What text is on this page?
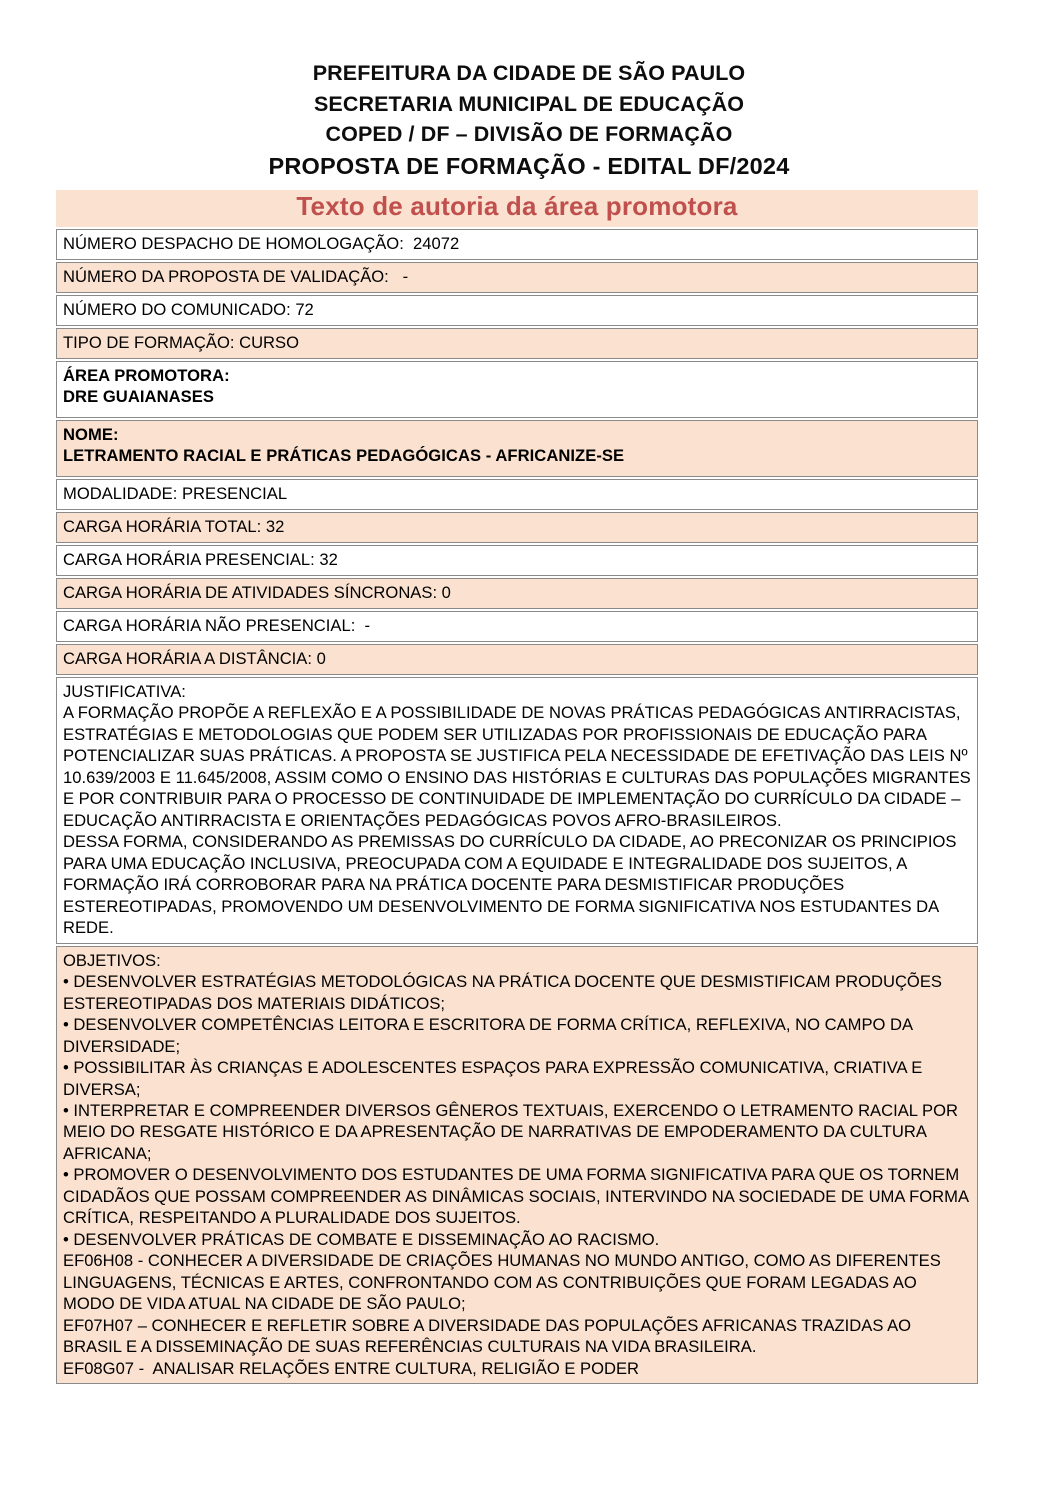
PREFEITURA DA CIDADE DE SÃO PAULO
SECRETARIA MUNICIPAL DE EDUCAÇÃO
COPED / DF – DIVISÃO DE FORMAÇÃO
PROPOSTA DE FORMAÇÃO - EDITAL DF/2024
Texto de autoria da área promotora

NÚMERO DESPACHO DE HOMOLOGAÇÃO:  24072

NÚMERO DA PROPOSTA DE VALIDAÇÃO:   -

NÚMERO DO COMUNICADO: 72

TIPO DE FORMAÇÃO: CURSO

ÁREA PROMOTORA:
DRE GUAIANASES

NOME:
LETRAMENTO RACIAL E PRÁTICAS PEDAGÓGICAS - AFRICANIZE-SE

MODALIDADE: PRESENCIAL

CARGA HORÁRIA TOTAL: 32

CARGA HORÁRIA PRESENCIAL: 32

CARGA HORÁRIA DE ATIVIDADES SÍNCRONAS: 0

CARGA HORÁRIA NÃO PRESENCIAL:  -

CARGA HORÁRIA A DISTÂNCIA: 0

JUSTIFICATIVA:
A FORMAÇÃO PROPÕE A REFLEXÃO E A POSSIBILIDADE DE NOVAS PRÁTICAS PEDAGÓGICAS ANTIRRACISTAS, ESTRATÉGIAS E METODOLOGIAS QUE PODEM SER UTILIZADAS POR PROFISSIONAIS DE EDUCAÇÃO PARA POTENCIALIZAR SUAS PRÁTICAS. A PROPOSTA SE JUSTIFICA PELA NECESSIDADE DE EFETIVAÇÃO DAS LEIS Nº 10.639/2003 E 11.645/2008, ASSIM COMO O ENSINO DAS HISTÓRIAS E CULTURAS DAS POPULAÇÕES MIGRANTES E POR CONTRIBUIR PARA O PROCESSO DE CONTINUIDADE DE IMPLEMENTAÇÃO DO CURRÍCULO DA CIDADE – EDUCAÇÃO ANTIRRACISTA E ORIENTAÇÕES PEDAGÓGICAS POVOS AFRO-BRASILEIROS.
DESSA FORMA, CONSIDERANDO AS PREMISSAS DO CURRÍCULO DA CIDADE, AO PRECONIZAR OS PRINCIPIOS PARA UMA EDUCAÇÃO INCLUSIVA, PREOCUPADA COM A EQUIDADE E INTEGRALIDADE DOS SUJEITOS, A FORMAÇÃO IRÁ CORROBORAR PARA NA PRÁTICA DOCENTE PARA DESMISTIFICAR PRODUÇÕES ESTEREOTIPADAS, PROMOVENDO UM DESENVOLVIMENTO DE FORMA SIGNIFICATIVA NOS ESTUDANTES DA REDE.

OBJETIVOS:
• DESENVOLVER ESTRATÉGIAS METODOLÓGICAS NA PRÁTICA DOCENTE QUE DESMISTIFICAM PRODUÇÕES ESTEREOTIPADAS DOS MATERIAIS DIDÁTICOS;
• DESENVOLVER COMPETÊNCIAS LEITORA E ESCRITORA DE FORMA CRÍTICA, REFLEXIVA, NO CAMPO DA DIVERSIDADE;
• POSSIBILITAR ÀS CRIANÇAS E ADOLESCENTES ESPAÇOS PARA EXPRESSÃO COMUNICATIVA, CRIATIVA E DIVERSA;
• INTERPRETAR E COMPREENDER DIVERSOS GÊNEROS TEXTUAIS, EXERCENDO O LETRAMENTO RACIAL POR MEIO DO RESGATE HISTÓRICO E DA APRESENTAÇÃO DE NARRATIVAS DE EMPODERAMENTO DA CULTURA AFRICANA;
• PROMOVER O DESENVOLVIMENTO DOS ESTUDANTES DE UMA FORMA SIGNIFICATIVA PARA QUE OS TORNEM CIDADÃOS QUE POSSAM COMPREENDER AS DINÂMICAS SOCIAIS, INTERVINDO NA SOCIEDADE DE UMA FORMA CRÍTICA, RESPEITANDO A PLURALIDADE DOS SUJEITOS.
• DESENVOLVER PRÁTICAS DE COMBATE E DISSEMINAÇÃO AO RACISMO.
EF06H08 - CONHECER A DIVERSIDADE DE CRIAÇÕES HUMANAS NO MUNDO ANTIGO, COMO AS DIFERENTES LINGUAGENS, TÉCNICAS E ARTES, CONFRONTANDO COM AS CONTRIBUIÇÕES QUE FORAM LEGADAS AO MODO DE VIDA ATUAL NA CIDADE DE SÃO PAULO;
EF07H07 – CONHECER E REFLETIR SOBRE A DIVERSIDADE DAS POPULAÇÕES AFRICANAS TRAZIDAS AO BRASIL E A DISSEMINAÇÃO DE SUAS REFERÊNCIAS CULTURAIS NA VIDA BRASILEIRA.
EF08G07 -  ANALISAR RELAÇÕES ENTRE CULTURA, RELIGIÃO E PODER
